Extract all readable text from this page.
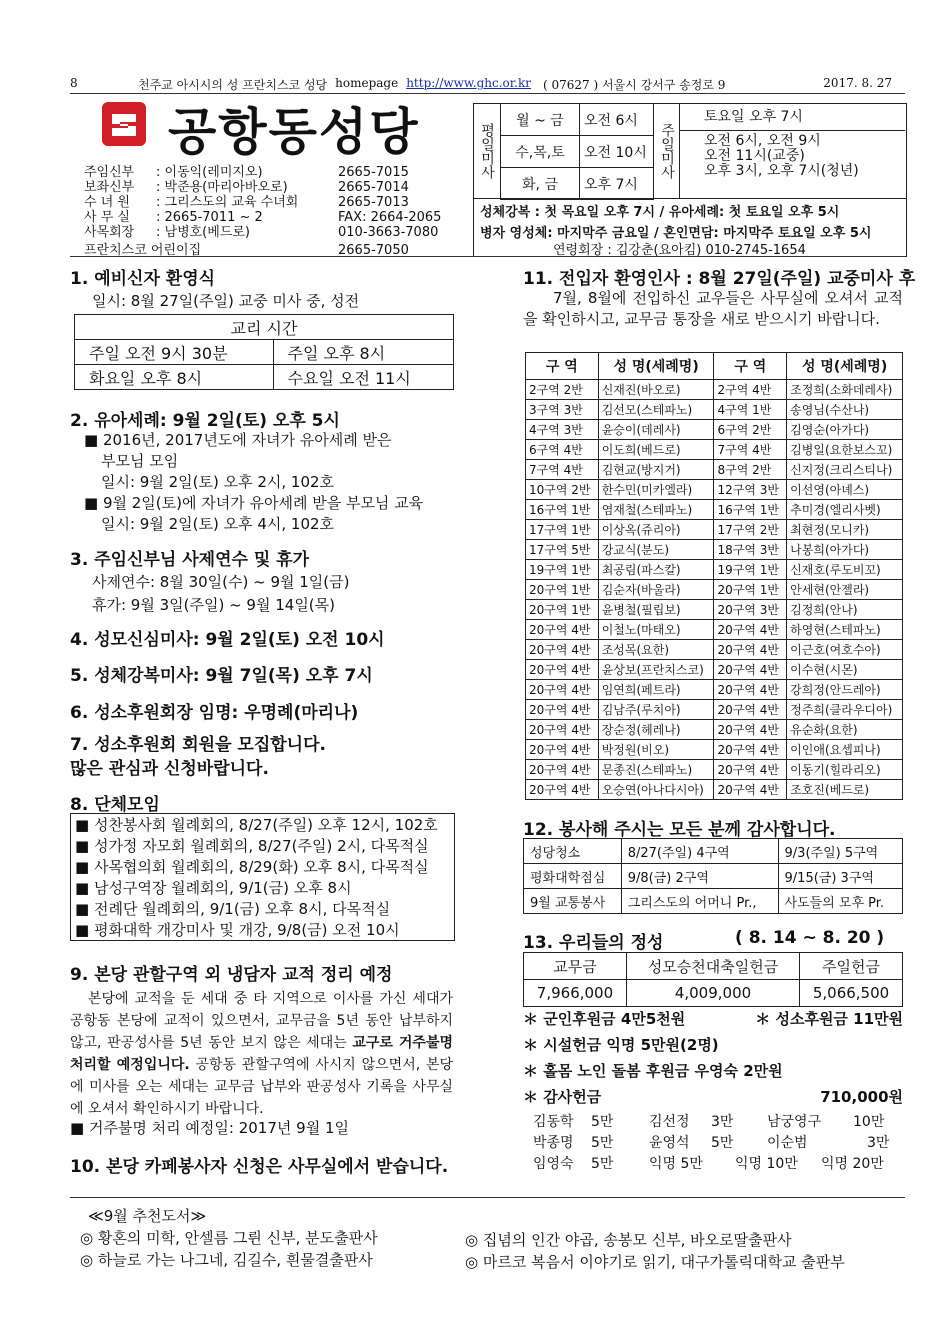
8	천주교 아시시의 성 프란치스코 성당 homepage http://www.ghc.or.kr ( 07627 ) 서울시 강서구 송정로 9	2017. 8. 27
공항동성당
주임신부	: 이동익(레미지오)	2665-7015
보좌신부	: 박준용(마리아바오로)	2665-7014
수 녀 원	: 그리스도의 교육 수녀회	2665-7013
사 무 실	: 2665-7011 ~ 2	FAX: 2664-2065
사목회장	: 남병호(베드로)	010-3663-7080
프란치스코 어린이집	2665-7050
평일미사
월 ~ 금	오전 6시
수,목,토	오전 10시
화, 금	오후 7시
주일미사
토요일 오후 7시
오전 6시, 오전 9시
오전 11시(교중)
오후 3시, 오후 7시(청년)
성체강복 : 첫 목요일 오후 7시 / 유아세례: 첫 토요일 오후 5시
병자 영성체: 마지막주 금요일 / 혼인면담: 마지막주 토요일 오후 5시
연령회장 : 김강춘(요아킴) 010-2745-1654
1. 예비신자 환영식
일시: 8월 27일(주일) 교중 미사 중, 성전
교리 시간	
주일 오전 9시 30분	주일 오후 8시
화요일 오후 8시	수요일 오전 11시
2. 유아세례: 9월 2일(토) 오후 5시
■ 2016년, 2017년도에 자녀가 유아세례 받은
부모님 모임
일시: 9월 2일(토) 오후 2시, 102호
■ 9월 2일(토)에 자녀가 유아세례 받을 부모님 교육
일시: 9월 2일(토) 오후 4시, 102호
3. 주임신부님 사제연수 및 휴가
사제연수: 8월 30일(수) ~ 9월 1일(금)
휴가: 9월 3일(주일) ~ 9월 14일(목)
4. 성모신심미사: 9월 2일(토) 오전 10시
5. 성체강복미사: 9월 7일(목) 오후 7시
6. 성소후원회장 임명: 우명례(마리나)
7. 성소후원회 회원을 모집합니다.
많은 관심과 신청바랍니다.
8. 단체모임
■ 성찬봉사회 월례회의, 8/27(주일) 오후 12시, 102호
■ 성가정 자모회 월례회의, 8/27(주일) 2시, 다목적실
■ 사목협의회 월례회의, 8/29(화) 오후 8시, 다목적실
■ 남성구역장 월례회의, 9/1(금) 오후 8시
■ 전례단 월례회의, 9/1(금) 오후 8시, 다목적실
■ 평화대학 개강미사 및 개강, 9/8(금) 오전 10시
9. 본당 관할구역 외 냉담자 교적 정리 예정
본당에 교적을 둔 세대 중 타 지역으로 이사를 가신 세대가 공항동 본당에 교적이 있으면서, 교무금을 5년 동안 납부하지 않고, 판공성사를 5년 동안 보지 않은 세대는 교구로 거주불명 처리할 예정입니다. 공항동 관할구역에 사시지 않으면서, 본당에 미사를 오는 세대는 교무금 납부와 판공성사 기록을 사무실에 오셔서 확인하시기 바랍니다.
■ 거주불명 처리 예정일: 2017년 9월 1일
10. 본당 카페봉사자 신청은 사무실에서 받습니다.
11. 전입자 환영인사 : 8월 27일(주일) 교중미사 후
7월, 8월에 전입하신 교우들은 사무실에 오셔서 교적을 확인하시고, 교무금 통장을 새로 받으시기 바랍니다.
구 역	성 명(세례명)	구 역	성 명(세례명)
2구역 2반	신재진(바오로)	2구역 4반	조정희(소화데레사)
3구역 3반	김선모(스테파노)	4구역 1반	송영님(수산나)
4구역 3반	윤승이(데레사)	6구역 2반	김영순(아가다)
6구역 4반	이도희(베드로)	7구역 4반	김병일(요한보스꼬)
7구역 4반	김현교(방지거)	8구역 2반	신지정(크리스티나)
10구역 2반	한수민(미카엘라)	12구역 3반	이선영(아녜스)
16구역 1반	염재철(스테파노)	16구역 1반	추미경(엘리사벳)
17구역 1반	이상옥(쥬리아)	17구역 2반	최현정(모니카)
17구역 5반	강교식(분도)	18구역 3반	나봉희(아가다)
19구역 1반	최공림(파스칼)	19구역 1반	신재호(루도비꼬)
20구역 1반	김순자(바울라)	20구역 1반	안세현(안젤라)
20구역 1반	윤병철(필립보)	20구역 3반	김정희(안나)
20구역 4반	이철노(마태오)	20구역 4반	하영현(스테파노)
20구역 4반	조성목(요한)	20구역 4반	이근호(여호수아)
20구역 4반	윤상보(프란치스코)	20구역 4반	이수현(시몬)
20구역 4반	임연희(페트라)	20구역 4반	강희정(안드레아)
20구역 4반	김남주(루치아)	20구역 4반	정주희(클라우디아)
20구역 4반	장순정(헤레나)	20구역 4반	유순화(요한)
20구역 4반	박정원(비오)	20구역 4반	이인애(요셉피나)
20구역 4반	문종진(스테파노)	20구역 4반	이동기(힐라리오)
20구역 4반	오승연(아나다시아)	20구역 4반	조호진(베드로)
12. 봉사해 주시는 모든 분께 감사합니다.
성당청소	8/27(주일) 4구역	9/3(주일) 5구역
평화대학점심	9/8(금) 2구역	9/15(금) 3구역
9월 교통봉사	그리스도의 어머니 Pr.,	사도들의 모후 Pr.
13. 우리들의 정성	( 8. 14 ~ 8. 20 )
교무금	성모승천대축일헌금	주일헌금
7,966,000	4,009,000	5,066,500
＊ 군인후원금 4만5천원	＊ 성소후원금 11만원
＊ 시설헌금 익명 5만원(2명)
＊ 홀몸 노인 돌봄 후원금 우영숙 2만원
＊ 감사헌금	710,000원
김동학	5만	김선정	3만	남궁영구	10만
박종명	5만	윤영석	5만	이순범	3만
임영숙	5만	익명 5만	익명 10만	익명 20만
≪9월 추천도서≫
◎ 황혼의 미학, 안셀름 그륀 신부, 분도출판사
◎ 하늘로 가는 나그네, 김길수, 흰물결출판사
◎ 집념의 인간 야곱, 송봉모 신부, 바오로딸출판사
◎ 마르코 복음서 이야기로 읽기, 대구가톨릭대학교 출판부
